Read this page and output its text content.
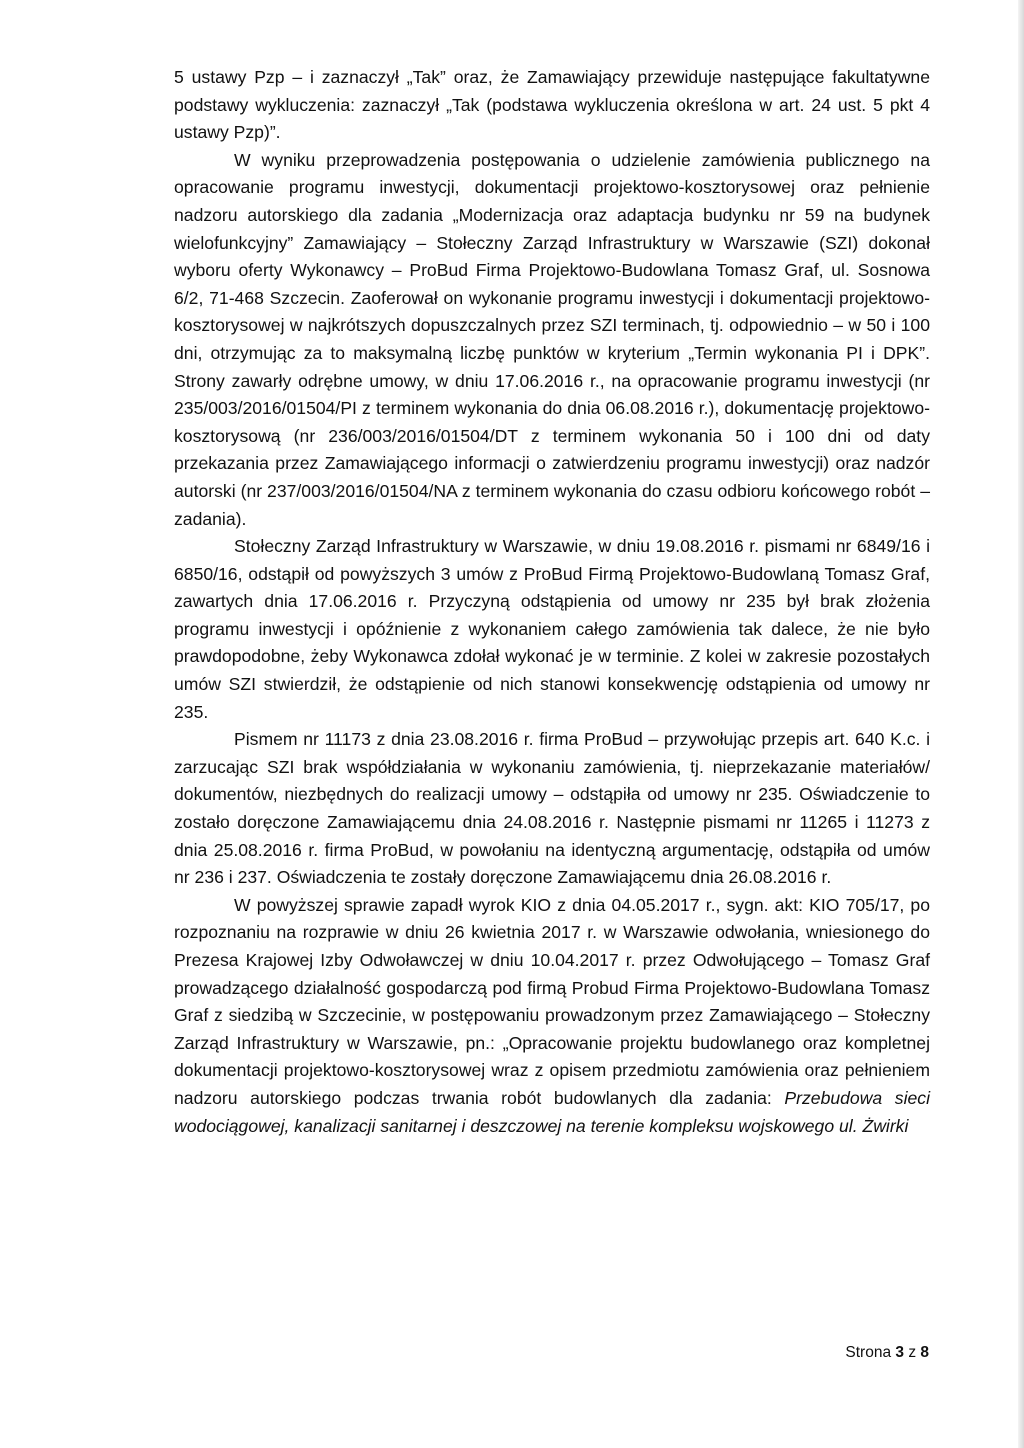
5 ustawy Pzp – i zaznaczył „Tak” oraz, że Zamawiający przewiduje następujące fakultatywne podstawy wykluczenia: zaznaczył „Tak (podstawa wykluczenia określona w art. 24 ust. 5 pkt 4 ustawy Pzp)”.

W wyniku przeprowadzenia postępowania o udzielenie zamówienia publicznego na opracowanie programu inwestycji, dokumentacji projektowo-kosztorysowej oraz pełnienie nadzoru autorskiego dla zadania „Modernizacja oraz adaptacja budynku nr 59 na budynek wielofunkcyjny” Zamawiający – Stołeczny Zarząd Infrastruktury w Warszawie (SZI) dokonał wyboru oferty Wykonawcy – ProBud Firma Projektowo-Budowlana Tomasz Graf, ul. Sosnowa 6/2, 71-468 Szczecin. Zaoferował on wykonanie programu inwestycji i dokumentacji projektowo-kosztorysowej w najkrótszych dopuszczalnych przez SZI terminach, tj. odpowiednio – w 50 i 100 dni, otrzymując za to maksymalną liczbę punktów w kryterium „Termin wykonania PI i DPK”. Strony zawarły odrębne umowy, w dniu 17.06.2016 r., na opracowanie programu inwestycji (nr 235/003/2016/01504/PI z terminem wykonania do dnia 06.08.2016 r.), dokumentację projektowo-kosztorysową (nr 236/003/2016/01504/DT z terminem wykonania 50 i 100 dni od daty przekazania przez Zamawiającego informacji o zatwierdzeniu programu inwestycji) oraz nadzór autorski (nr 237/003/2016/01504/NA z terminem wykonania do czasu odbioru końcowego robót – zadania).

Stołeczny Zarząd Infrastruktury w Warszawie, w dniu 19.08.2016 r. pismami nr 6849/16 i 6850/16, odstąpił od powyższych 3 umów z ProBud Firmą Projektowo-Budowlaną Tomasz Graf, zawartych dnia 17.06.2016 r. Przyczyną odstąpienia od umowy nr 235 był brak złożenia programu inwestycji i opóźnienie z wykonaniem całego zamówienia tak dalece, że nie było prawdopodobne, żeby Wykonawca zdołał wykonać je w terminie. Z kolei w zakresie pozostałych umów SZI stwierdził, że odstąpienie od nich stanowi konsekwencję odstąpienia od umowy nr 235.

Pismem nr 11173 z dnia 23.08.2016 r. firma ProBud – przywołując przepis art. 640 K.c. i zarzucając SZI brak współdziałania w wykonaniu zamówienia, tj. nieprzekazanie materiałów/ dokumentów, niezbędnych do realizacji umowy – odstąpiła od umowy nr 235. Oświadczenie to zostało doręczone Zamawiającemu dnia 24.08.2016 r. Następnie pismami nr 11265 i 11273 z dnia 25.08.2016 r. firma ProBud, w powołaniu na identyczną argumentację, odstąpiła od umów nr 236 i 237. Oświadczenia te zostały doręczone Zamawiającemu dnia 26.08.2016 r.

W powyższej sprawie zapadł wyrok KIO z dnia 04.05.2017 r., sygn. akt: KIO 705/17, po rozpoznaniu na rozprawie w dniu 26 kwietnia 2017 r. w Warszawie odwołania, wniesionego do Prezesa Krajowej Izby Odwoławczej w dniu 10.04.2017 r. przez Odwołującego – Tomasz Graf prowadzącego działalność gospodarczą pod firmą Probud Firma Projektowo-Budowlana Tomasz Graf z siedzibą w Szczecinie, w postępowaniu prowadzonym przez Zamawiającego – Stołeczny Zarząd Infrastruktury w Warszawie, pn.: „Opracowanie projektu budowlanego oraz kompletnej dokumentacji projektowo-kosztorysowej wraz z opisem przedmiotu zamówienia oraz pełnieniem nadzoru autorskiego podczas trwania robót budowlanych dla zadania: Przebudowa sieci wodociągowej, kanalizacji sanitarnej i deszczowej na terenie kompleksu wojskowego ul. Żwirki

Strona 3 z 8
